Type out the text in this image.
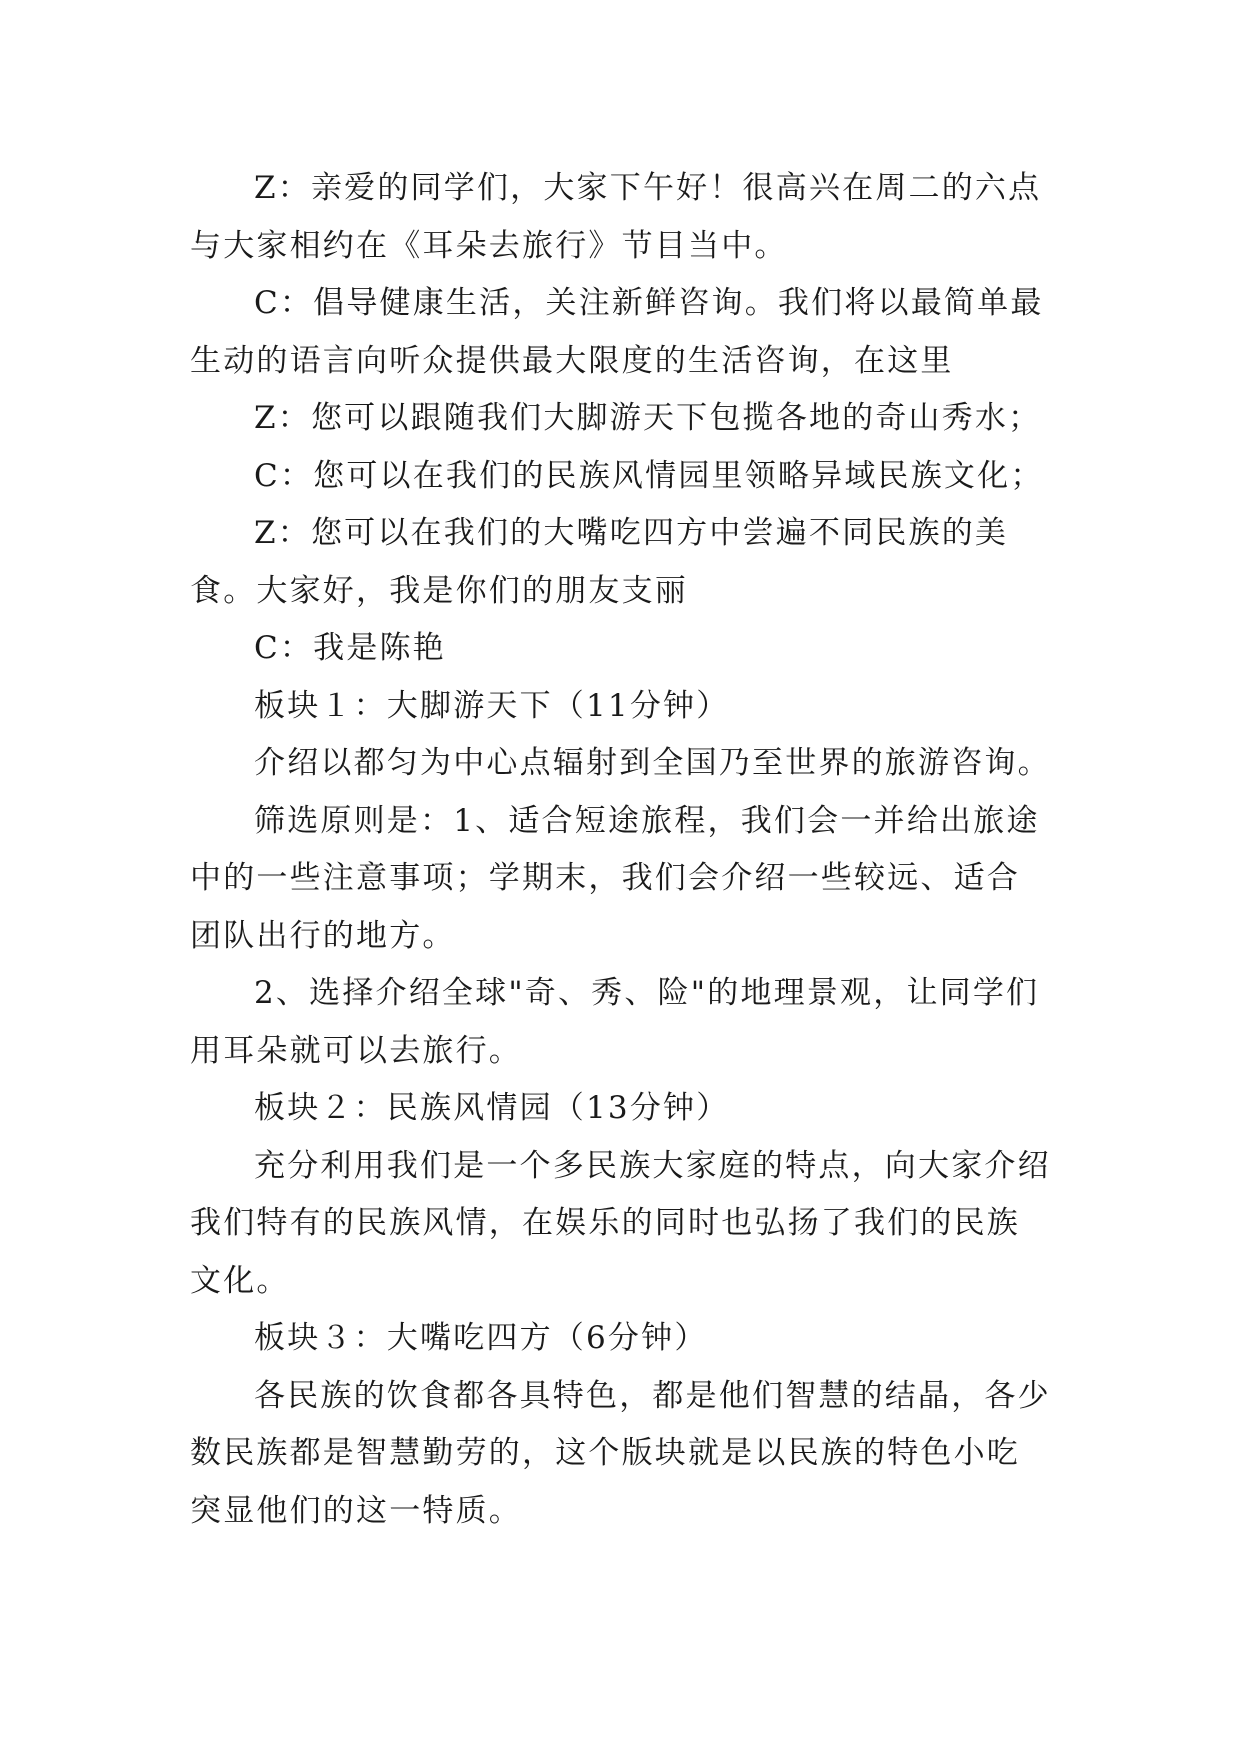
Z：亲爱的同学们，大家下午好！很高兴在周二的六点与大家相约在《耳朵去旅行》节目当中。

C：倡导健康生活，关注新鲜咨询。我们将以最简单最生动的语言向听众提供最大限度的生活咨询，在这里

Z：您可以跟随我们大脚游天下包揽各地的奇山秀水；

C：您可以在我们的民族风情园里领略异域民族文化；

Z：您可以在我们的大嘴吃四方中尝遍不同民族的美食。大家好，我是你们的朋友支丽

C：我是陈艳

板块１：大脚游天下（11分钟）

介绍以都匀为中心点辐射到全国乃至世界的旅游咨询。

筛选原则是：1、适合短途旅程，我们会一并给出旅途中的一些注意事项；学期末，我们会介绍一些较远、适合团队出行的地方。

2、选择介绍全球"奇、秀、险"的地理景观，让同学们用耳朵就可以去旅行。

板块２：民族风情园（13分钟）

充分利用我们是一个多民族大家庭的特点，向大家介绍我们特有的民族风情，在娱乐的同时也弘扬了我们的民族文化。

板块３：大嘴吃四方（6分钟）

各民族的饮食都各具特色，都是他们智慧的结晶，各少数民族都是智慧勤劳的，这个版块就是以民族的特色小吃突显他们的这一特质。
